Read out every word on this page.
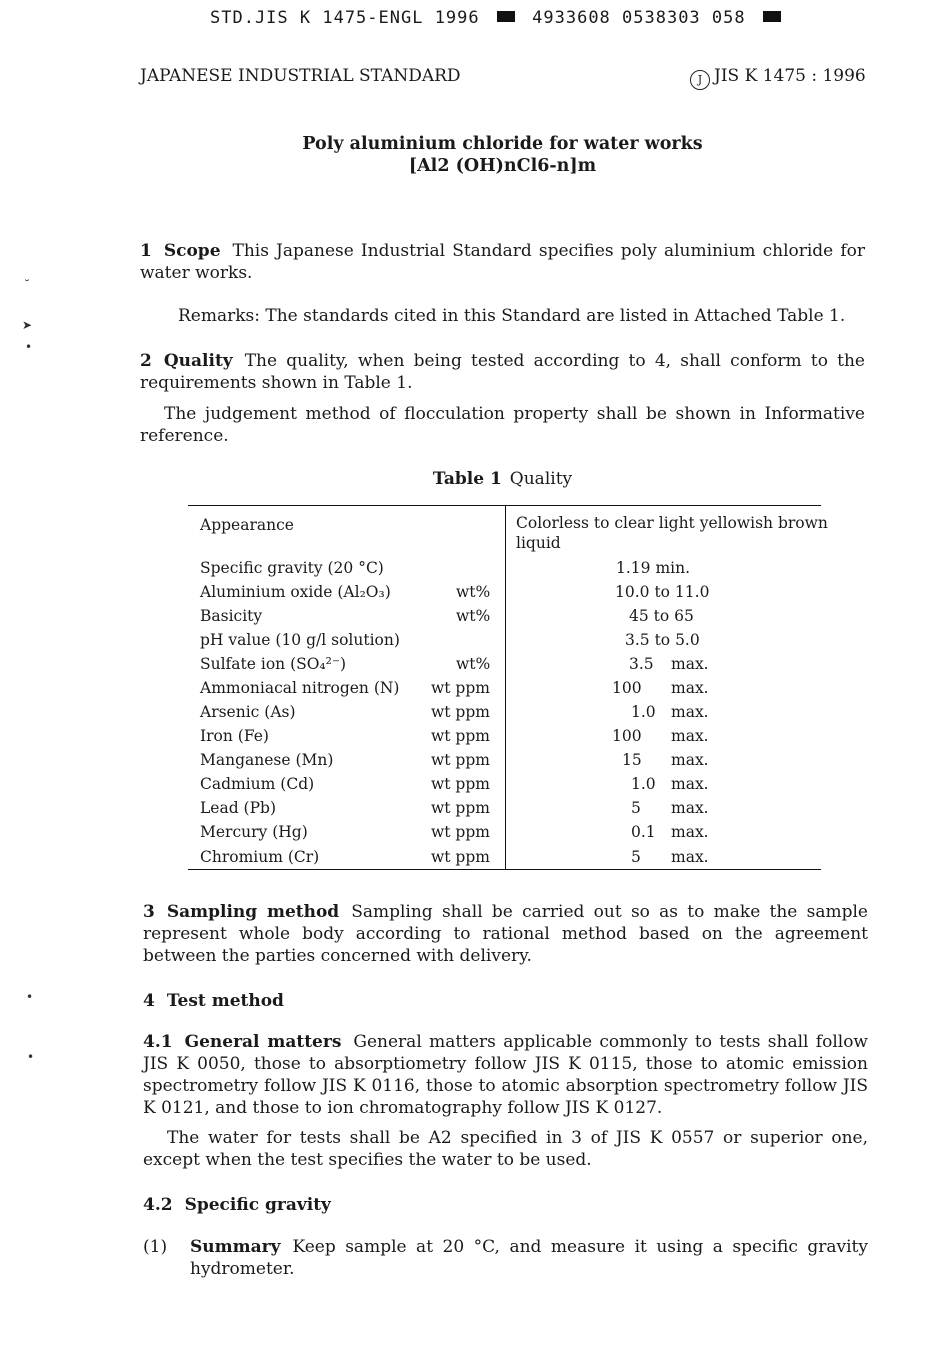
STD.JIS K 1475-ENGL 1996	4933608 0538303 058
JAPANESE INDUSTRIAL STANDARD	J JIS K 1475 : 1996
Poly aluminium chloride for water works
[Al2 (OH)nCl6-n]m
1 Scope This Japanese Industrial Standard specifies poly aluminium chloride for water works.
Remarks: The standards cited in this Standard are listed in Attached Table 1.
2 Quality The quality, when being tested according to 4, shall conform to the requirements shown in Table 1.
The judgement method of flocculation property shall be shown in Informative reference.
Table 1 Quality
Appearance	Colorless to clear light yellowish brown
liquid
Specific gravity (20 °C)	1.19 min.
Aluminium oxide (Al₂O₃)	wt%	10.0 to 11.0
Basicity	wt%	45 to 65
pH value (10 g/l solution)	3.5 to 5.0
Sulfate ion (SO₄²⁻)	wt%	3.5 max.
Ammoniacal nitrogen (N) wt ppm	100 max.
Arsenic (As)	wt ppm	1.0 max.
Iron (Fe)	wt ppm	100 max.
Manganese (Mn)	wt ppm	15 max.
Cadmium (Cd)	wt ppm	1.0 max.
Lead (Pb)	wt ppm	5 max.
Mercury (Hg)	wt ppm	0.1 max.
Chromium (Cr)	wt ppm	5 max.
3 Sampling method Sampling shall be carried out so as to make the sample represent whole body according to rational method based on the agreement between the parties concerned with delivery.
4 Test method
4.1 General matters General matters applicable commonly to tests shall follow JIS K 0050, those to absorptiometry follow JIS K 0115, those to atomic emission spectrometry follow JIS K 0116, those to atomic absorption spectrometry follow JIS K 0121, and those to ion chromatography follow JIS K 0127.
The water for tests shall be A2 specified in 3 of JIS K 0557 or superior one, except when the test specifies the water to be used.
4.2 Specific gravity
(1) Summary Keep sample at 20 °C, and measure it using a specific gravity hydrometer.
˘
➤
•
•
•
